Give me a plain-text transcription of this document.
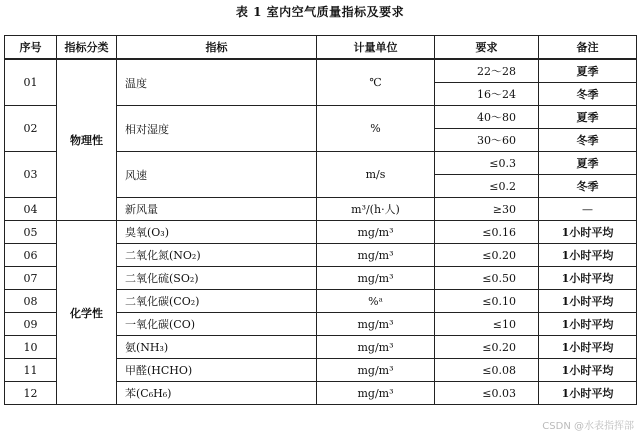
表 1 室内空气质量指标及要求
序号	指标分类	指标	计量单位	要求	备注
01	物理性	温度	℃	22～28	夏季
				16～24	冬季
02		相对湿度	%	40～80	夏季
				30～60	冬季
03		风速	m/s	≤0.3	夏季
				≤0.2	冬季
04		新风量	m³/(h·人)	≥30	—
05	化学性	臭氧(O₃)	mg/m³	≤0.16	1小时平均
06		二氧化氮(NO₂)	mg/m³	≤0.20	1小时平均
07		二氧化硫(SO₂)	mg/m³	≤0.50	1小时平均
08		二氧化碳(CO₂)	%ᵃ	≤0.10	1小时平均
09		一氧化碳(CO)	mg/m³	≤10	1小时平均
10		氨(NH₃)	mg/m³	≤0.20	1小时平均
11		甲醛(HCHO)	mg/m³	≤0.08	1小时平均
12		苯(C₆H₆)	mg/m³	≤0.03	1小时平均
CSDN @水表指挥部
